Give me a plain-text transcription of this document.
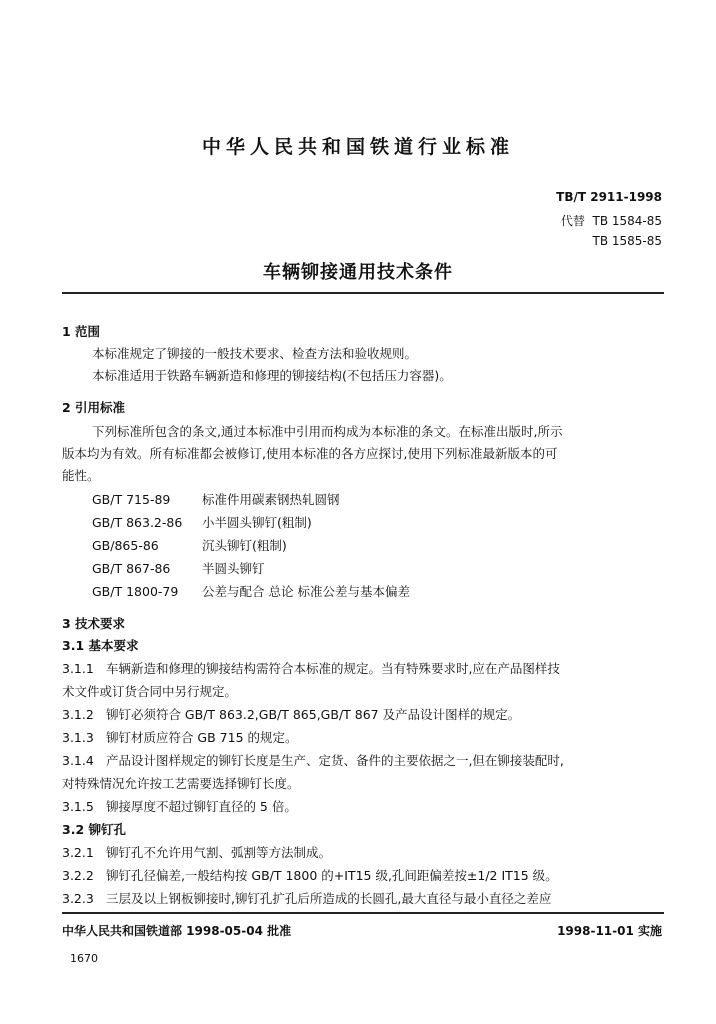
中华人民共和国铁道行业标准
TB/T 2911-1998
代替 TB 1584-85
TB 1585-85
车辆铆接通用技术条件
1 范围
本标准规定了铆接的一般技术要求、检查方法和验收规则。
本标准适用于铁路车辆新造和修理的铆接结构(不包括压力容器)。
2 引用标准
下列标准所包含的条文,通过本标准中引用而构成为本标准的条文。在标准出版时,所示
版本均为有效。所有标准都会被修订,使用本标准的各方应探讨,使用下列标准最新版本的可
能性。
GB/T 715-89	标准件用碳素钢热轧圆钢
GB/T 863.2-86 小半圆头铆钉(粗制)
GB/865-86	沉头铆钉(粗制)
GB/T 867-86	半圆头铆钉
GB/T 1800-79 公差与配合 总论 标准公差与基本偏差
3 技术要求
3.1 基本要求
3.1.1 车辆新造和修理的铆接结构需符合本标准的规定。当有特殊要求时,应在产品图样技
术文件或订货合同中另行规定。
3.1.2 铆钉必须符合 GB/T 863.2,GB/T 865,GB/T 867 及产品设计图样的规定。
3.1.3 铆钉材质应符合 GB 715 的规定。
3.1.4 产品设计图样规定的铆钉长度是生产、定货、备件的主要依据之一,但在铆接装配时,
对特殊情况允许按工艺需要选择铆钉长度。
3.1.5 铆接厚度不超过铆钉直径的 5 倍。
3.2 铆钉孔
3.2.1 铆钉孔不允许用气割、弧割等方法制成。
3.2.2 铆钉孔径偏差,一般结构按 GB/T 1800 的+IT15 级,孔间距偏差按±1/2 IT15 级。
3.2.3 三层及以上钢板铆接时,铆钉孔扩孔后所造成的长圆孔,最大直径与最小直径之差应
中华人民共和国铁道部 1998-05-04 批准	1998-11-01 实施
1670
